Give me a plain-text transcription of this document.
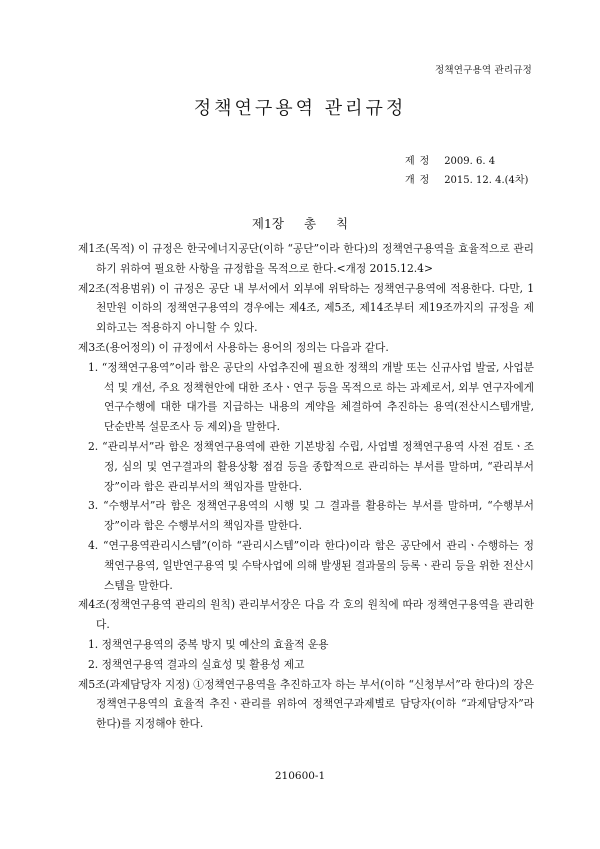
정책연구용역 관리규정
정책연구용역 관리규정
제정 2009. 6. 4
개정 2015. 12. 4.(4차)
제1장 총 칙
제1조(목적) 이 규정은 한국에너지공단(이하 “공단”이라 한다)의 정책연구용역을 효율적으로 관리하기 위하여 필요한 사항을 규정함을 목적으로 한다.<개정 2015.12.4>
제2조(적용범위) 이 규정은 공단 내 부서에서 외부에 위탁하는 정책연구용역에 적용한다. 다만, 1천만원 이하의 정책연구용역의 경우에는 제4조, 제5조, 제14조부터 제19조까지의 규정을 제외하고는 적용하지 아니할 수 있다.
제3조(용어정의) 이 규정에서 사용하는 용어의 정의는 다음과 같다.
1. “정책연구용역”이라 함은 공단의 사업추진에 필요한 정책의 개발 또는 신규사업 발굴, 사업분석 및 개선, 주요 정책현안에 대한 조사ㆍ연구 등을 목적으로 하는 과제로서, 외부 연구자에게 연구수행에 대한 대가를 지급하는 내용의 계약을 체결하여 추진하는 용역(전산시스템개발, 단순반복 설문조사 등 제외)을 말한다.
2. “관리부서”라 함은 정책연구용역에 관한 기본방침 수립, 사업별 정책연구용역 사전 검토ㆍ조정, 심의 및 연구결과의 활용상황 점검 등을 종합적으로 관리하는 부서를 말하며, “관리부서장”이라 함은 관리부서의 책임자를 말한다.
3. “수행부서”라 함은 정책연구용역의 시행 및 그 결과를 활용하는 부서를 말하며, “수행부서장”이라 함은 수행부서의 책임자를 말한다.
4. “연구용역관리시스템”(이하 “관리시스템”이라 한다)이라 함은 공단에서 관리ㆍ수행하는 정책연구용역, 일반연구용역 및 수탁사업에 의해 발생된 결과물의 등록ㆍ관리 등을 위한 전산시스템을 말한다.
제4조(정책연구용역 관리의 원칙) 관리부서장은 다음 각 호의 원칙에 따라 정책연구용역을 관리한다.
1. 정책연구용역의 중복 방지 및 예산의 효율적 운용
2. 정책연구용역 결과의 실효성 및 활용성 제고
제5조(과제담당자 지정) ①정책연구용역을 추진하고자 하는 부서(이하 “신청부서”라 한다)의 장은 정책연구용역의 효율적 추진ㆍ관리를 위하여 정책연구과제별로 담당자(이하 “과제담당자”라 한다)를 지정해야 한다.
210600-1
